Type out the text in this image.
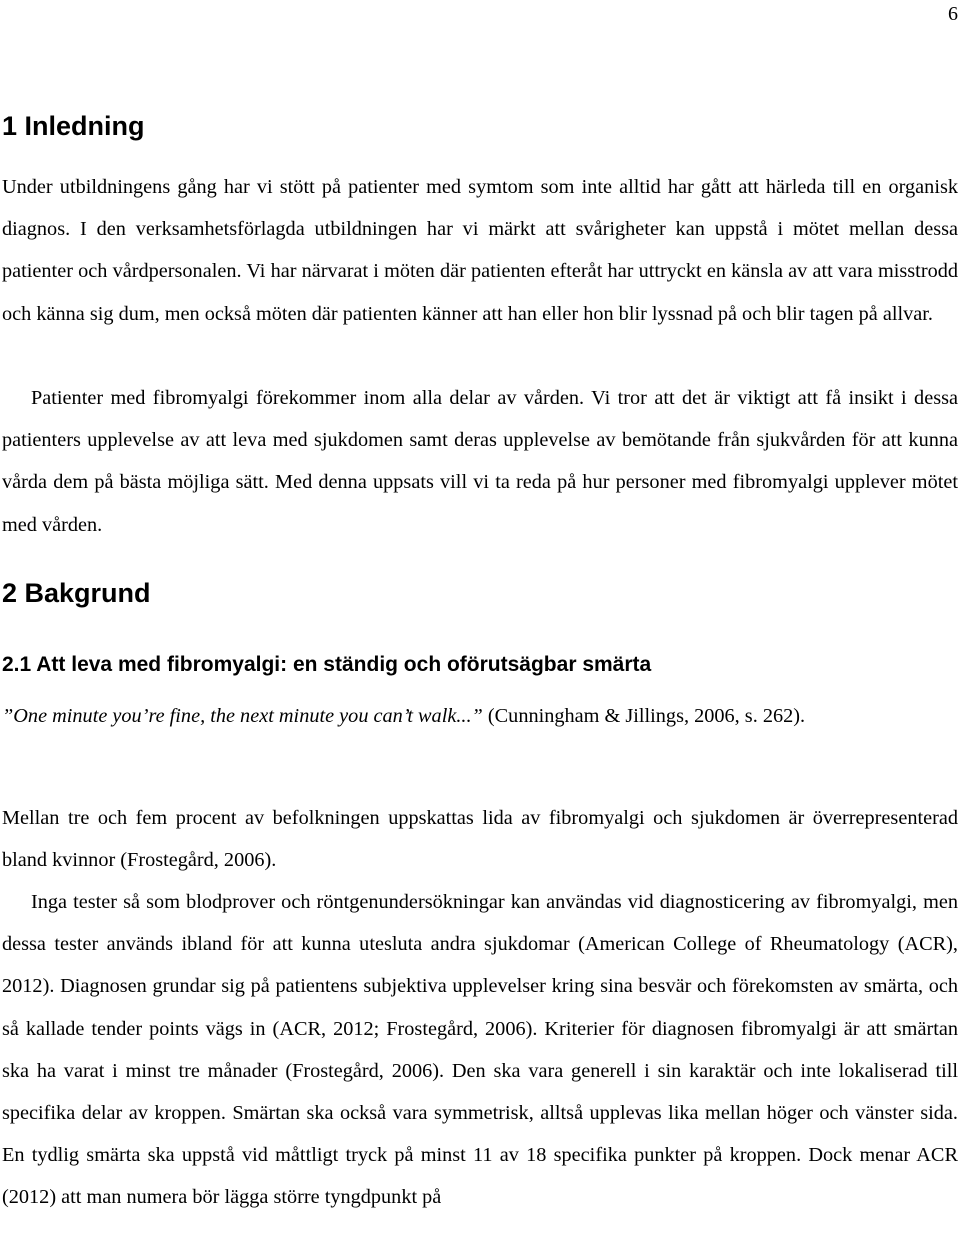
6
1 Inledning

Under utbildningens gång har vi stött på patienter med symtom som inte alltid har gått att härleda till en organisk diagnos. I den verksamhetsförlagda utbildningen har vi märkt att svårigheter kan uppstå i mötet mellan dessa patienter och vårdpersonalen. Vi har närvarat i möten där patienten efteråt har uttryckt en känsla av att vara misstrodd och känna sig dum, men också möten där patienten känner att han eller hon blir lyssnad på och blir tagen på allvar.

Patienter med fibromyalgi förekommer inom alla delar av vården. Vi tror att det är viktigt att få insikt i dessa patienters upplevelse av att leva med sjukdomen samt deras upplevelse av bemötande från sjukvården för att kunna vårda dem på bästa möjliga sätt. Med denna uppsats vill vi ta reda på hur personer med fibromyalgi upplever mötet med vården.

2 Bakgrund
2.1 Att leva med fibromyalgi: en ständig och oförutsägbar smärta

”One minute you’re fine, the next minute you can’t walk...” (Cunningham & Jillings, 2006, s. 262).

Mellan tre och fem procent av befolkningen uppskattas lida av fibromyalgi och sjukdomen är överrepresenterad bland kvinnor (Frostegård, 2006).

Inga tester så som blodprover och röntgenundersökningar kan användas vid diagnosticering av fibromyalgi, men dessa tester används ibland för att kunna utesluta andra sjukdomar (American College of Rheumatology (ACR), 2012). Diagnosen grundar sig på patientens subjektiva upplevelser kring sina besvär och förekomsten av smärta, och så kallade tender points vägs in (ACR, 2012; Frostegård, 2006). Kriterier för diagnosen fibromyalgi är att smärtan ska ha varat i minst tre månader (Frostegård, 2006). Den ska vara generell i sin karaktär och inte lokaliserad till specifika delar av kroppen. Smärtan ska också vara symmetrisk, alltså upplevas lika mellan höger och vänster sida. En tydlig smärta ska uppstå vid måttligt tryck på minst 11 av 18 specifika punkter på kroppen. Dock menar ACR (2012) att man numera bör lägga större tyngdpunkt på
